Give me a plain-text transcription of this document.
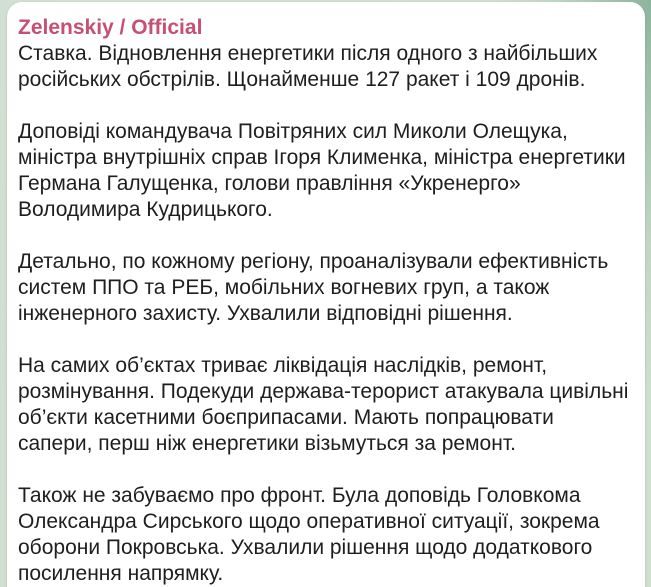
Zelenskiy / Official

Ставка. Відновлення енергетики після одного з найбільших російських обстрілів. Щонайменше 127 ракет і 109 дронів.

Доповіді командувача Повітряних сил Миколи Олещука, міністра внутрішніх справ Ігоря Клименка, міністра енергетики Германа Галущенка, голови правління «Укренерго» Володимира Кудрицького.

Детально, по кожному регіону, проаналізували ефективність систем ППО та РЕБ, мобільних вогневих груп, а також інженерного захисту. Ухвалили відповідні рішення.

На самих об’єктах триває ліквідація наслідків, ремонт, розмінування. Подекуди держава-терорист атакувала цивільні об’єкти касетними боєприпасами. Мають попрацювати сапери, перш ніж енергетики візьмуться за ремонт.

Також не забуваємо про фронт. Була доповідь Головкома Олександра Сирського щодо оперативної ситуації, зокрема оборони Покровська. Ухвалили рішення щодо додаткового посилення напрямку.
